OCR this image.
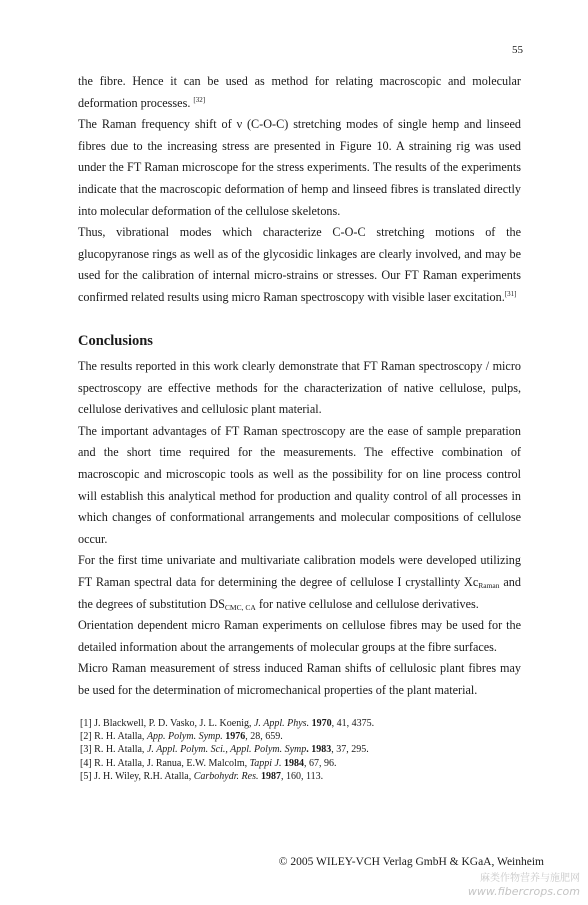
55

the fibre. Hence it can be used as method for relating macroscopic and molecular deformation processes. [32]

The Raman frequency shift of ν (C-O-C) stretching modes of single hemp and linseed fibres due to the increasing stress are presented in Figure 10. A straining rig was used under the FT Raman microscope for the stress experiments. The results of the experiments indicate that the macroscopic deformation of hemp and linseed fibres is translated directly into molecular deformation of the cellulose skeletons.

Thus, vibrational modes which characterize C-O-C stretching motions of the glucopyranose rings as well as of the glycosidic linkages are clearly involved, and may be used for the calibration of internal micro-strains or stresses. Our FT Raman experiments confirmed related results using micro Raman spectroscopy with visible laser excitation.[31]

Conclusions

The results reported in this work clearly demonstrate that FT Raman spectroscopy / micro spectroscopy are effective methods for the characterization of native cellulose, pulps, cellulose derivatives and cellulosic plant material.

The important advantages of FT Raman spectroscopy are the ease of sample preparation and the short time required for the measurements. The effective combination of macroscopic and microscopic tools as well as the possibility for on line process control will establish this analytical method for production and quality control of all processes in which changes of conformational arrangements and molecular compositions of cellulose occur.

For the first time univariate and multivariate calibration models were developed utilizing FT Raman spectral data for determining the degree of cellulose I crystallinty $Xc_{Raman}$ and the degrees of substitution $DS_{CMC, CA}$ for native cellulose and cellulose derivatives.

Orientation dependent micro Raman experiments on cellulose fibres may be used for the detailed information about the arrangements of molecular groups at the fibre surfaces.

Micro Raman measurement of stress induced Raman shifts of cellulosic plant fibres may be used for the determination of micromechanical properties of the plant material.

[1] J. Blackwell, P. D. Vasko, J. L. Koenig, J. Appl. Phys. 1970, 41, 4375.
[2] R. H. Atalla, App. Polym. Symp. 1976, 28, 659.
[3] R. H. Atalla, J. Appl. Polym. Sci., Appl. Polym. Symp. 1983, 37, 295.
[4] R. H. Atalla, J. Ranua, E.W. Malcolm, Tappi J. 1984, 67, 96.
[5] J. H. Wiley, R.H. Atalla, Carbohydr. Res. 1987, 160, 113.
© 2005 WILEY-VCH Verlag GmbH & KGaA, Weinheim
麻类作物营养与施肥网
www.fibercrops.com
